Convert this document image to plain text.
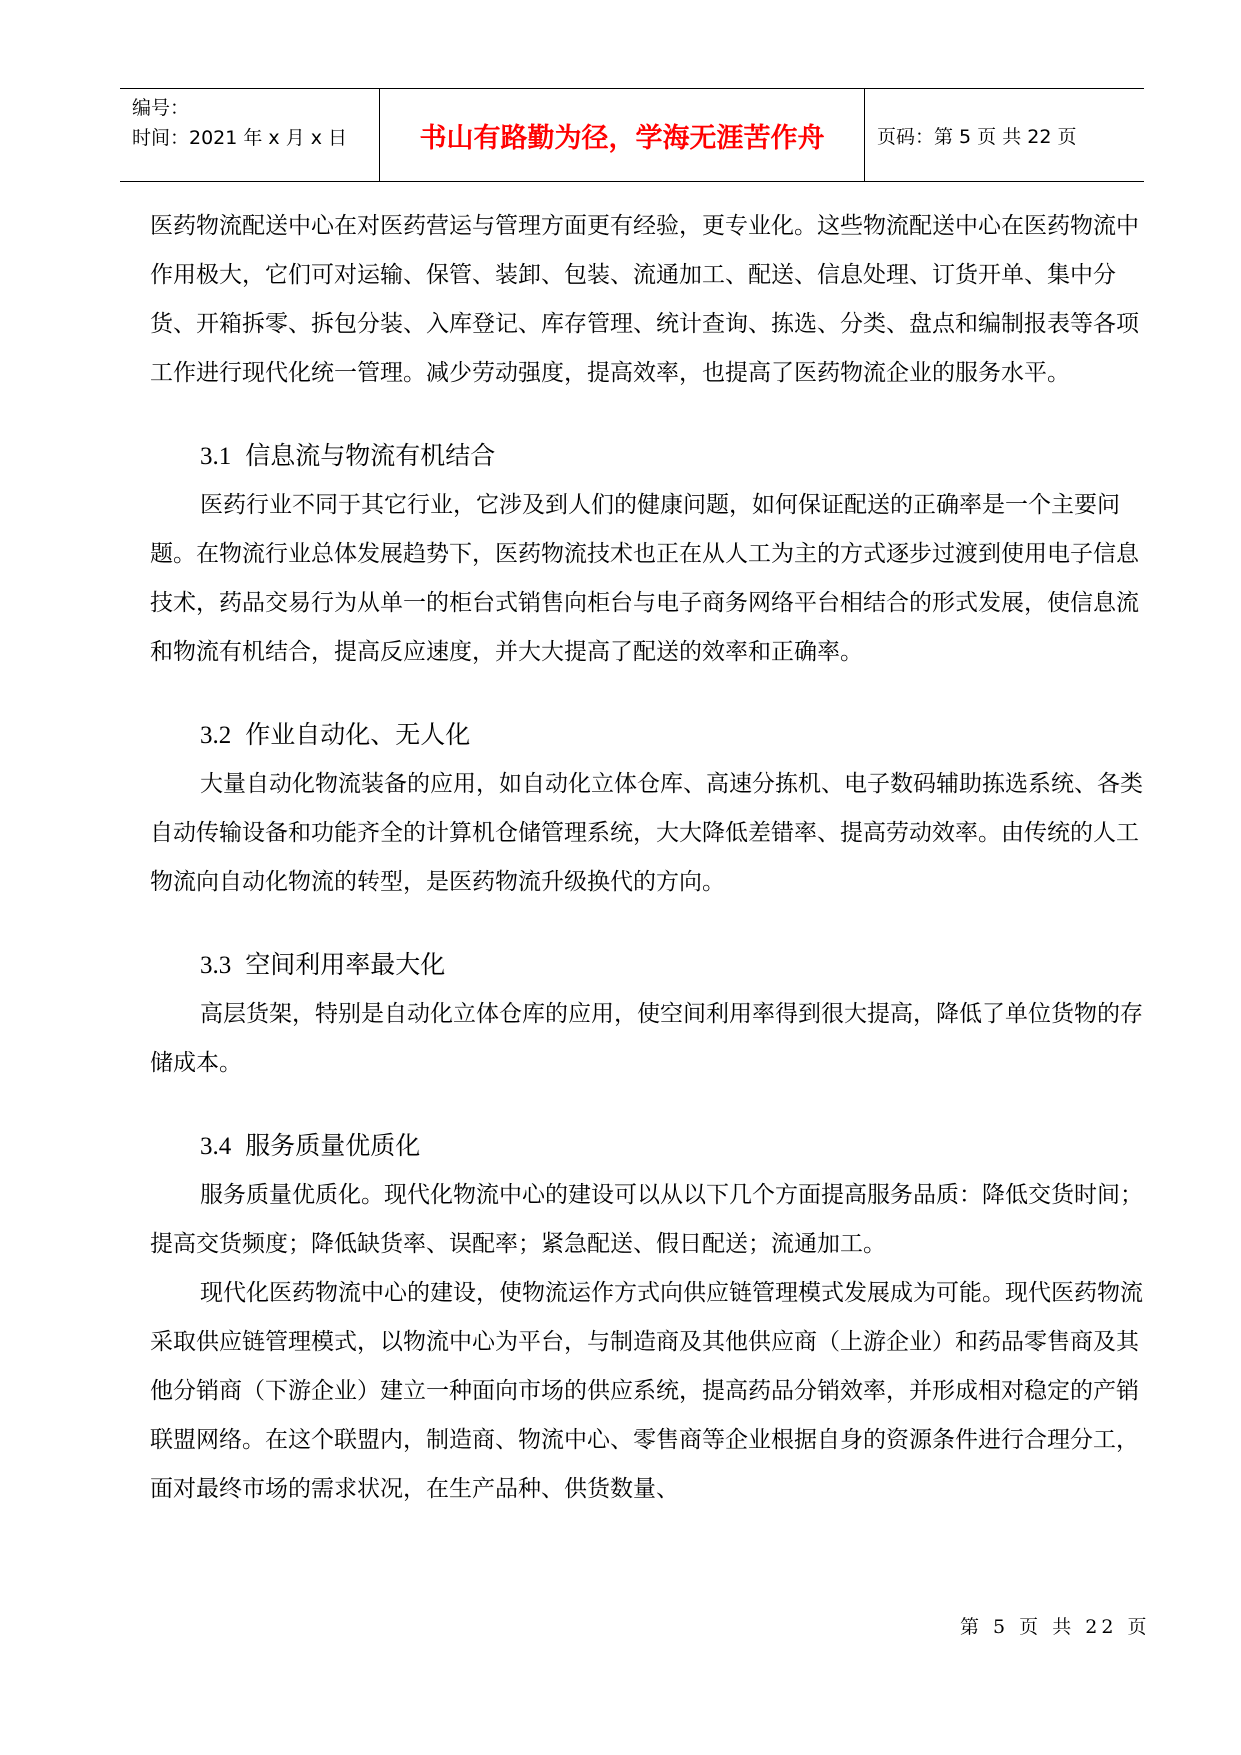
编号：
时间：2021 年 x 月 x 日	书山有路勤为径，学海无涯苦作舟	页码：第 5 页 共 22 页

医药物流配送中心在对医药营运与管理方面更有经验，更专业化。这些物流配送中心在医药物流中作用极大，它们可对运输、保管、装卸、包装、流通加工、配送、信息处理、订货开单、集中分货、开箱拆零、拆包分装、入库登记、库存管理、统计查询、拣选、分类、盘点和编制报表等各项工作进行现代化统一管理。减少劳动强度，提高效率，也提高了医药物流企业的服务水平。

3.1 信息流与物流有机结合

医药行业不同于其它行业，它涉及到人们的健康问题，如何保证配送的正确率是一个主要问题。在物流行业总体发展趋势下，医药物流技术也正在从人工为主的方式逐步过渡到使用电子信息技术，药品交易行为从单一的柜台式销售向柜台与电子商务网络平台相结合的形式发展，使信息流和物流有机结合，提高反应速度，并大大提高了配送的效率和正确率。

3.2 作业自动化、无人化

大量自动化物流装备的应用，如自动化立体仓库、高速分拣机、电子数码辅助拣选系统、各类自动传输设备和功能齐全的计算机仓储管理系统，大大降低差错率、提高劳动效率。由传统的人工物流向自动化物流的转型，是医药物流升级换代的方向。

3.3 空间利用率最大化

高层货架，特别是自动化立体仓库的应用，使空间利用率得到很大提高，降低了单位货物的存储成本。

3.4 服务质量优质化

服务质量优质化。现代化物流中心的建设可以从以下几个方面提高服务品质：降低交货时间；提高交货频度；降低缺货率、误配率；紧急配送、假日配送；流通加工。

现代化医药物流中心的建设，使物流运作方式向供应链管理模式发展成为可能。现代医药物流采取供应链管理模式，以物流中心为平台，与制造商及其他供应商（上游企业）和药品零售商及其他分销商（下游企业）建立一种面向市场的供应系统，提高药品分销效率，并形成相对稳定的产销联盟网络。在这个联盟内，制造商、物流中心、零售商等企业根据自身的资源条件进行合理分工，面对最终市场的需求状况，在生产品种、供货数量、

第 5 页 共 22 页
